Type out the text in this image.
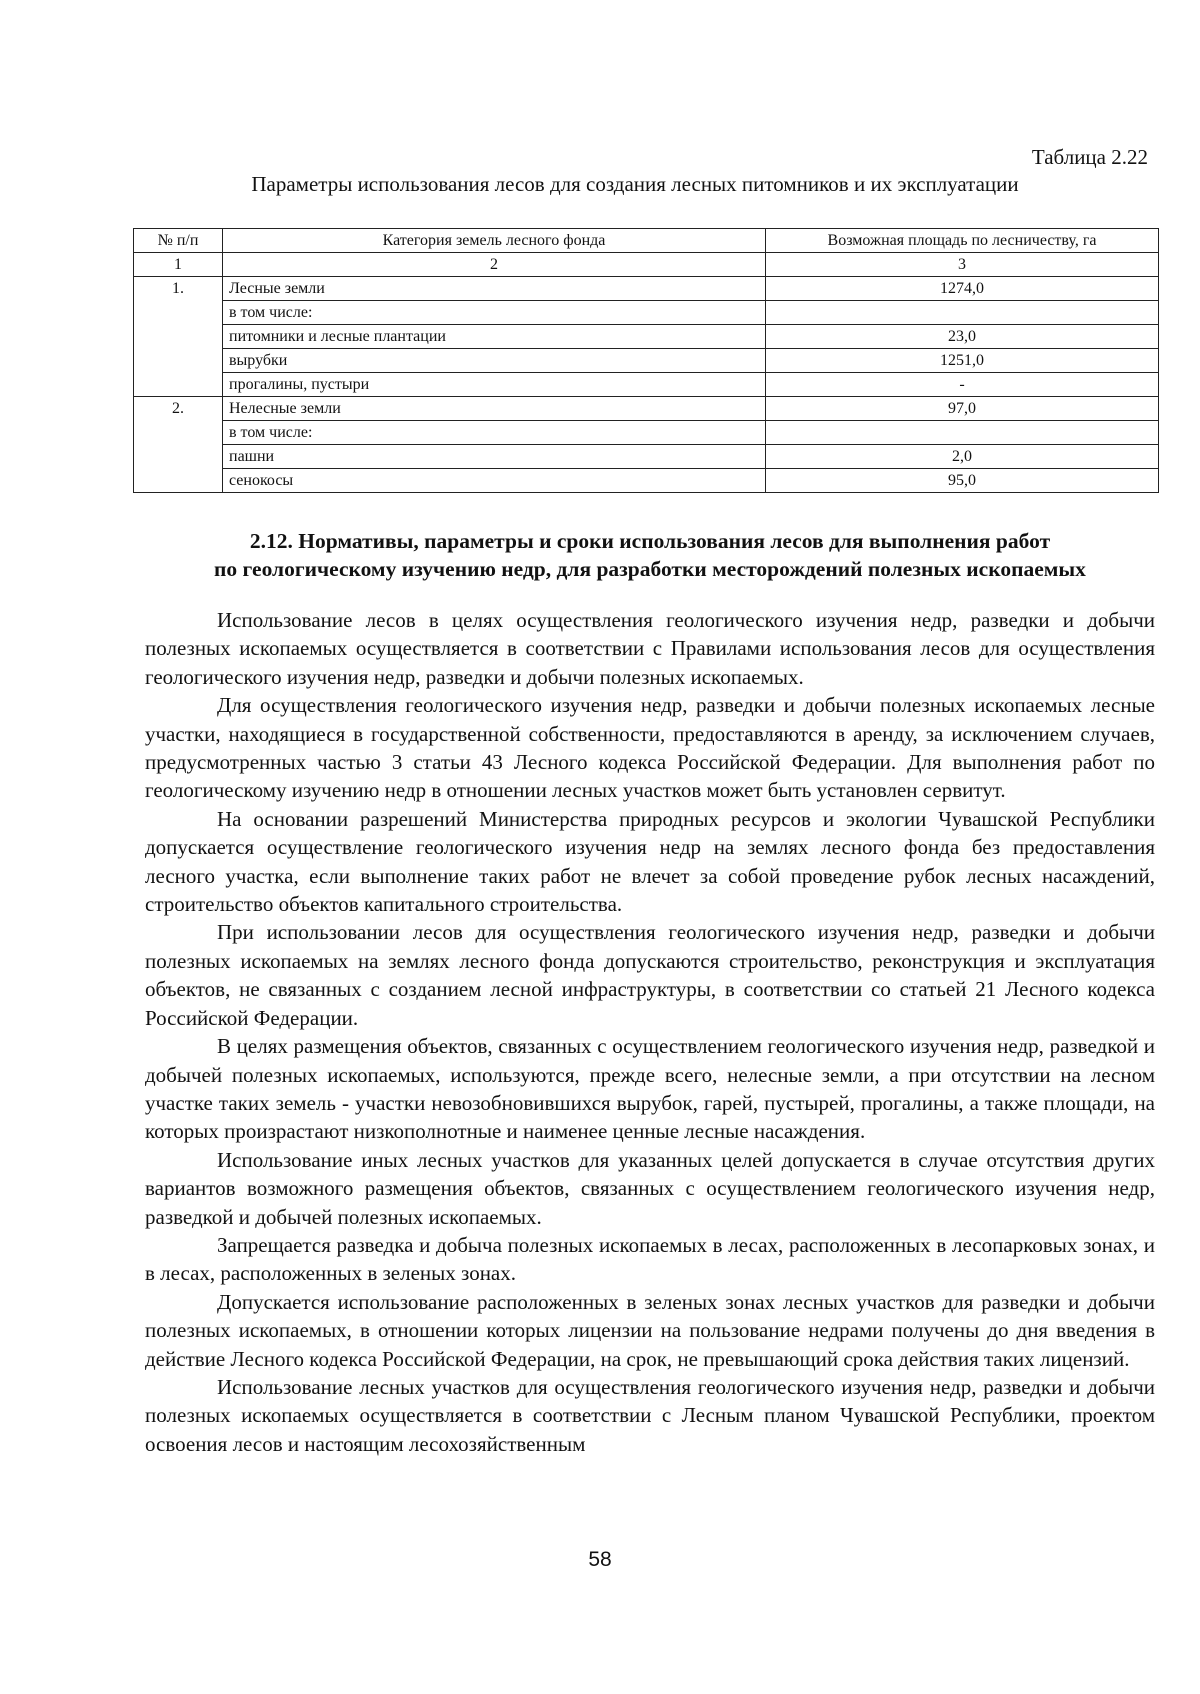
Таблица 2.22
Параметры использования лесов для создания лесных питомников и их эксплуатации
№ п/п	Категория земель лесного фонда	Возможная площадь по лесничеству, га
1	2	3
1.	Лесные земли	1274,0
	в том числе:	
	питомники и лесные плантации	23,0
	вырубки	1251,0
	прогалины, пустыри	-
2.	Нелесные земли	97,0
	в том числе:	
	пашни	2,0
	сенокосы	95,0
2.12. Нормативы, параметры и сроки использования лесов для выполнения работ
по геологическому изучению недр, для разработки месторождений полезных ископаемых

Использование лесов в целях осуществления геологического изучения недр, разведки и добычи полезных ископаемых осуществляется в соответствии с Правилами использования лесов для осуществления геологического изучения недр, разведки и добычи полезных ископаемых.

Для осуществления геологического изучения недр, разведки и добычи полезных ископаемых лесные участки, находящиеся в государственной собственности, предоставляются в аренду, за исключением случаев, предусмотренных частью 3 статьи 43 Лесного кодекса Российской Федерации. Для выполнения работ по геологическому изучению недр в отношении лесных участков может быть установлен сервитут.

На основании разрешений Министерства природных ресурсов и экологии Чувашской Республики допускается осуществление геологического изучения недр на землях лесного фонда без предоставления лесного участка, если выполнение таких работ не влечет за собой проведение рубок лесных насаждений, строительство объектов капитального строительства.

При использовании лесов для осуществления геологического изучения недр, разведки и добычи полезных ископаемых на землях лесного фонда допускаются строительство, реконструкция и эксплуатация объектов, не связанных с созданием лесной инфраструктуры, в соответствии со статьей 21 Лесного кодекса Российской Федерации.

В целях размещения объектов, связанных с осуществлением геологического изучения недр, разведкой и добычей полезных ископаемых, используются, прежде всего, нелесные земли, а при отсутствии на лесном участке таких земель - участки невозобновившихся вырубок, гарей, пустырей, прогалины, а также площади, на которых произрастают низкополнотные и наименее ценные лесные насаждения.

Использование иных лесных участков для указанных целей допускается в случае отсутствия других вариантов возможного размещения объектов, связанных с осуществлением геологического изучения недр, разведкой и добычей полезных ископаемых.

Запрещается разведка и добыча полезных ископаемых в лесах, расположенных в лесопарковых зонах, и в лесах, расположенных в зеленых зонах.

Допускается использование расположенных в зеленых зонах лесных участков для разведки и добычи полезных ископаемых, в отношении которых лицензии на пользование недрами получены до дня введения в действие Лесного кодекса Российской Федерации, на срок, не превышающий срока действия таких лицензий.

Использование лесных участков для осуществления геологического изучения недр, разведки и добычи полезных ископаемых осуществляется в соответствии с Лесным планом Чувашской Республики, проектом освоения лесов и настоящим лесохозяйственным

58
